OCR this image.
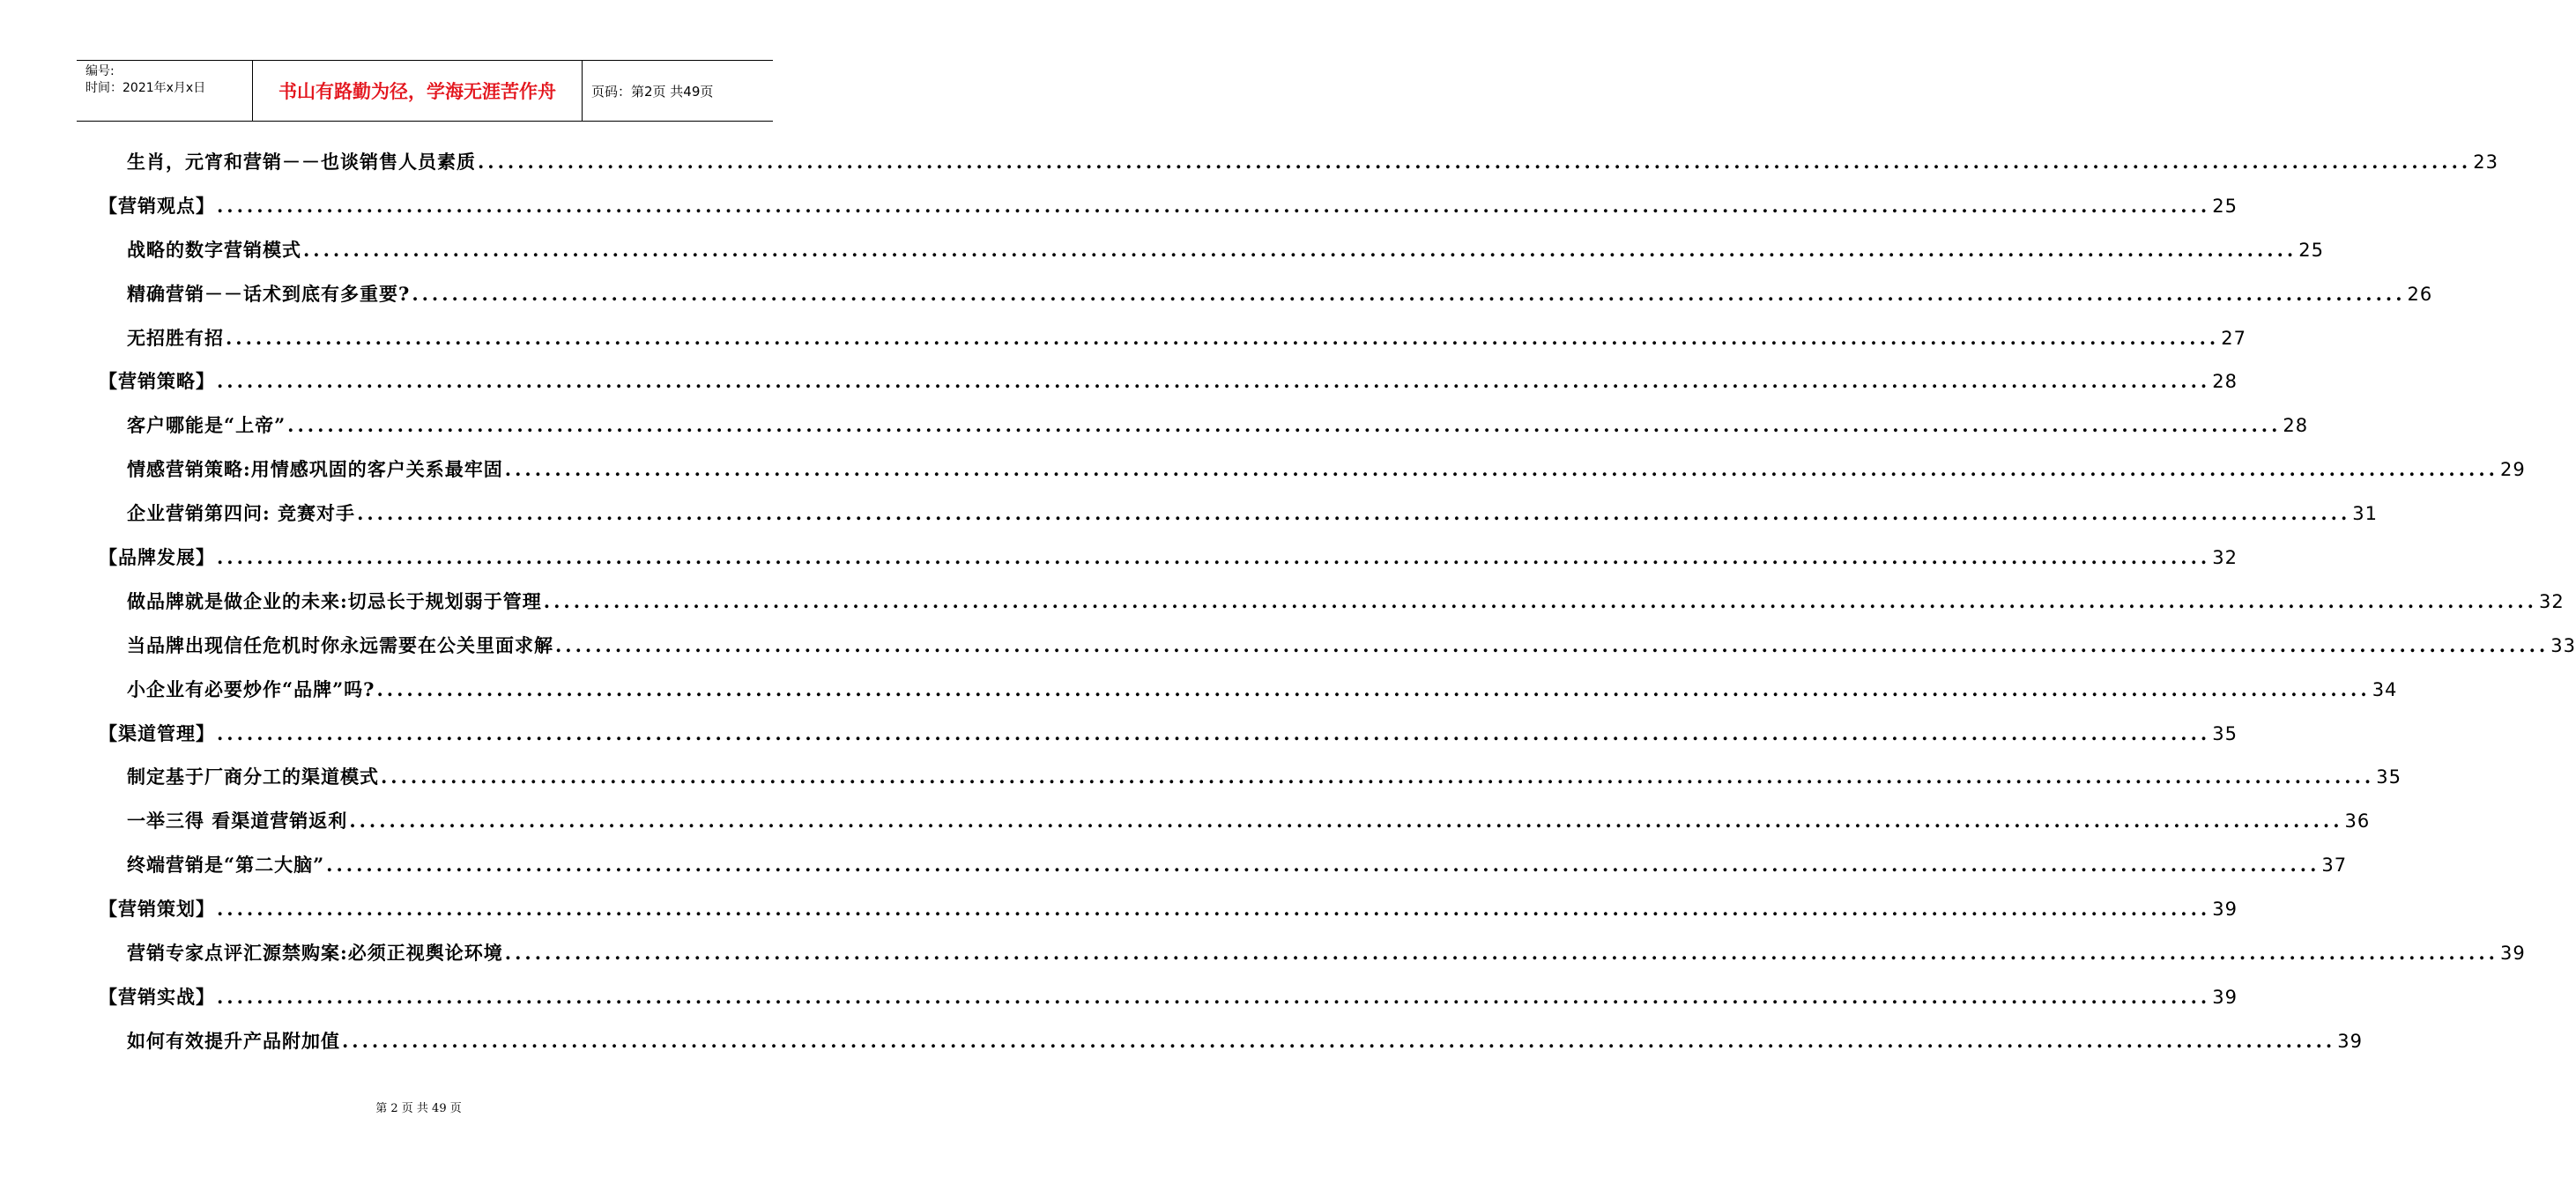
编号:
时间：2021年x月x日	书山有路勤为径，学海无涯苦作舟	页码：第2页 共49页
生肖，元宵和营销－－也谈销售人员素质 ........................................................................................................................................................................................................ 23
【营销观点】 ........................................................................................................................................................................................................ 25
战略的数字营销模式 ........................................................................................................................................................................................................ 25
精确营销－－话术到底有多重要? ........................................................................................................................................................................................................ 26
无招胜有招 ........................................................................................................................................................................................................ 27
【营销策略】 ........................................................................................................................................................................................................ 28
客户哪能是“上帝” ........................................................................................................................................................................................................ 28
情感营销策略:用情感巩固的客户关系最牢固 ........................................................................................................................................................................................................ 29
企业营销第四问: 竞赛对手 ........................................................................................................................................................................................................ 31
【品牌发展】 ........................................................................................................................................................................................................ 32
做品牌就是做企业的未来:切忌长于规划弱于管理 ........................................................................................................................................................................................................ 32
当品牌出现信任危机时你永远需要在公关里面求解 ........................................................................................................................................................................................................ 33
小企业有必要炒作“品牌”吗? ........................................................................................................................................................................................................ 34
【渠道管理】 ........................................................................................................................................................................................................ 35
制定基于厂商分工的渠道模式 ........................................................................................................................................................................................................ 35
一举三得 看渠道营销返利 ........................................................................................................................................................................................................ 36
终端营销是“第二大脑” ........................................................................................................................................................................................................ 37
【营销策划】 ........................................................................................................................................................................................................ 39
营销专家点评汇源禁购案:必须正视舆论环境 ........................................................................................................................................................................................................ 39
【营销实战】 ........................................................................................................................................................................................................ 39
如何有效提升产品附加值 ........................................................................................................................................................................................................ 39
第 2 页 共 49 页
